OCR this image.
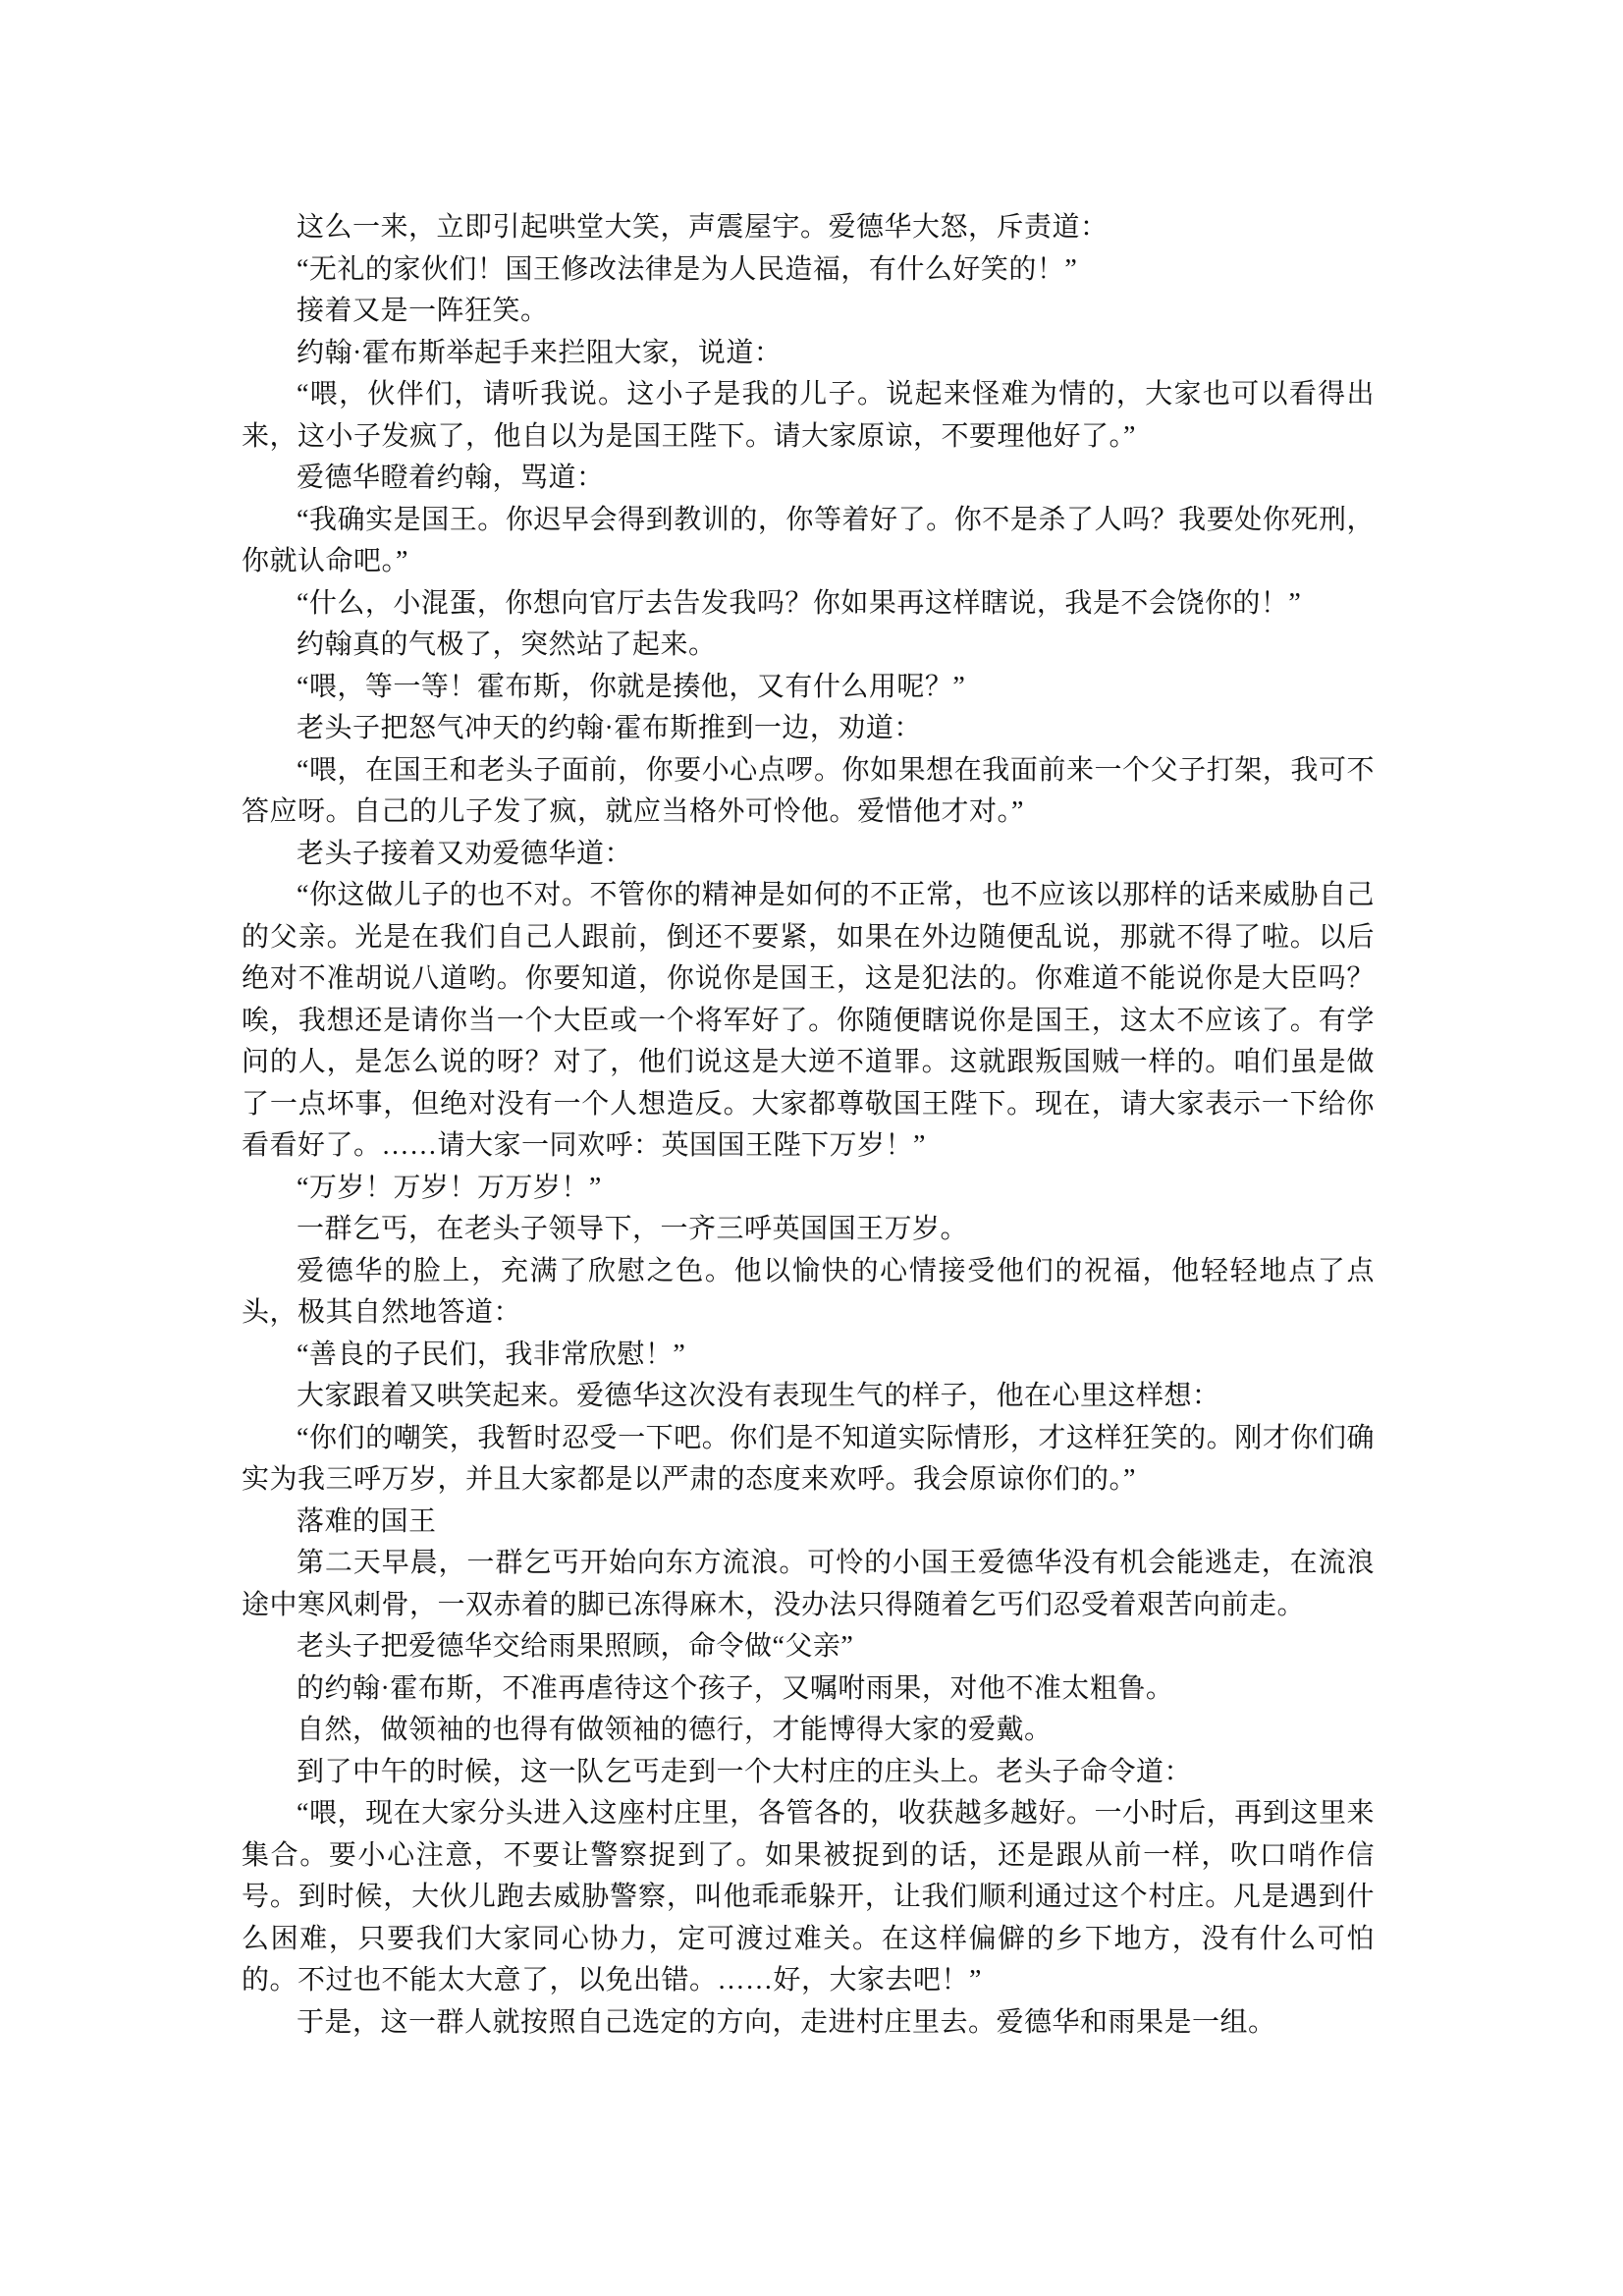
这么一来，立即引起哄堂大笑，声震屋宇。爱德华大怒，斥责道：

“无礼的家伙们！国王修改法律是为人民造福，有什么好笑的！”

接着又是一阵狂笑。

约翰·霍布斯举起手来拦阻大家，说道：

“喂，伙伴们，请听我说。这小子是我的儿子。说起来怪难为情的，大家也可以看得出来，这小子发疯了，他自以为是国王陛下。请大家原谅，不要理他好了。”

爱德华瞪着约翰，骂道：

“我确实是国王。你迟早会得到教训的，你等着好了。你不是杀了人吗？我要处你死刑，你就认命吧。”

“什么，小混蛋，你想向官厅去告发我吗？你如果再这样瞎说，我是不会饶你的！”

约翰真的气极了，突然站了起来。

“喂，等一等！霍布斯，你就是揍他，又有什么用呢？”

老头子把怒气冲天的约翰·霍布斯推到一边，劝道：

“喂，在国王和老头子面前，你要小心点啰。你如果想在我面前来一个父子打架，我可不答应呀。自己的儿子发了疯，就应当格外可怜他。爱惜他才对。”

老头子接着又劝爱德华道：

“你这做儿子的也不对。不管你的精神是如何的不正常，也不应该以那样的话来威胁自己的父亲。光是在我们自己人跟前，倒还不要紧，如果在外边随便乱说，那就不得了啦。以后绝对不准胡说八道哟。你要知道，你说你是国王，这是犯法的。你难道不能说你是大臣吗？唉，我想还是请你当一个大臣或一个将军好了。你随便瞎说你是国王，这太不应该了。有学问的人，是怎么说的呀？对了，他们说这是大逆不道罪。这就跟叛国贼一样的。咱们虽是做了一点坏事，但绝对没有一个人想造反。大家都尊敬国王陛下。现在，请大家表示一下给你看看好了。……请大家一同欢呼：英国国王陛下万岁！”

“万岁！万岁！万万岁！”

一群乞丐，在老头子领导下，一齐三呼英国国王万岁。

爱德华的脸上，充满了欣慰之色。他以愉快的心情接受他们的祝福，他轻轻地点了点头，极其自然地答道：

“善良的子民们，我非常欣慰！”

大家跟着又哄笑起来。爱德华这次没有表现生气的样子，他在心里这样想：

“你们的嘲笑，我暂时忍受一下吧。你们是不知道实际情形，才这样狂笑的。刚才你们确实为我三呼万岁，并且大家都是以严肃的态度来欢呼。我会原谅你们的。”

落难的国王

第二天早晨，一群乞丐开始向东方流浪。可怜的小国王爱德华没有机会能逃走，在流浪途中寒风刺骨，一双赤着的脚已冻得麻木，没办法只得随着乞丐们忍受着艰苦向前走。

老头子把爱德华交给雨果照顾，命令做“父亲”

的约翰·霍布斯，不准再虐待这个孩子，又嘱咐雨果，对他不准太粗鲁。

自然，做领袖的也得有做领袖的德行，才能博得大家的爱戴。

到了中午的时候，这一队乞丐走到一个大村庄的庄头上。老头子命令道：

“喂，现在大家分头进入这座村庄里，各管各的，收获越多越好。一小时后，再到这里来集合。要小心注意，不要让警察捉到了。如果被捉到的话，还是跟从前一样，吹口哨作信号。到时候，大伙儿跑去威胁警察，叫他乖乖躲开，让我们顺利通过这个村庄。凡是遇到什么困难，只要我们大家同心协力，定可渡过难关。在这样偏僻的乡下地方，没有什么可怕的。不过也不能太大意了，以免出错。……好，大家去吧！”

于是，这一群人就按照自己选定的方向，走进村庄里去。爱德华和雨果是一组。
